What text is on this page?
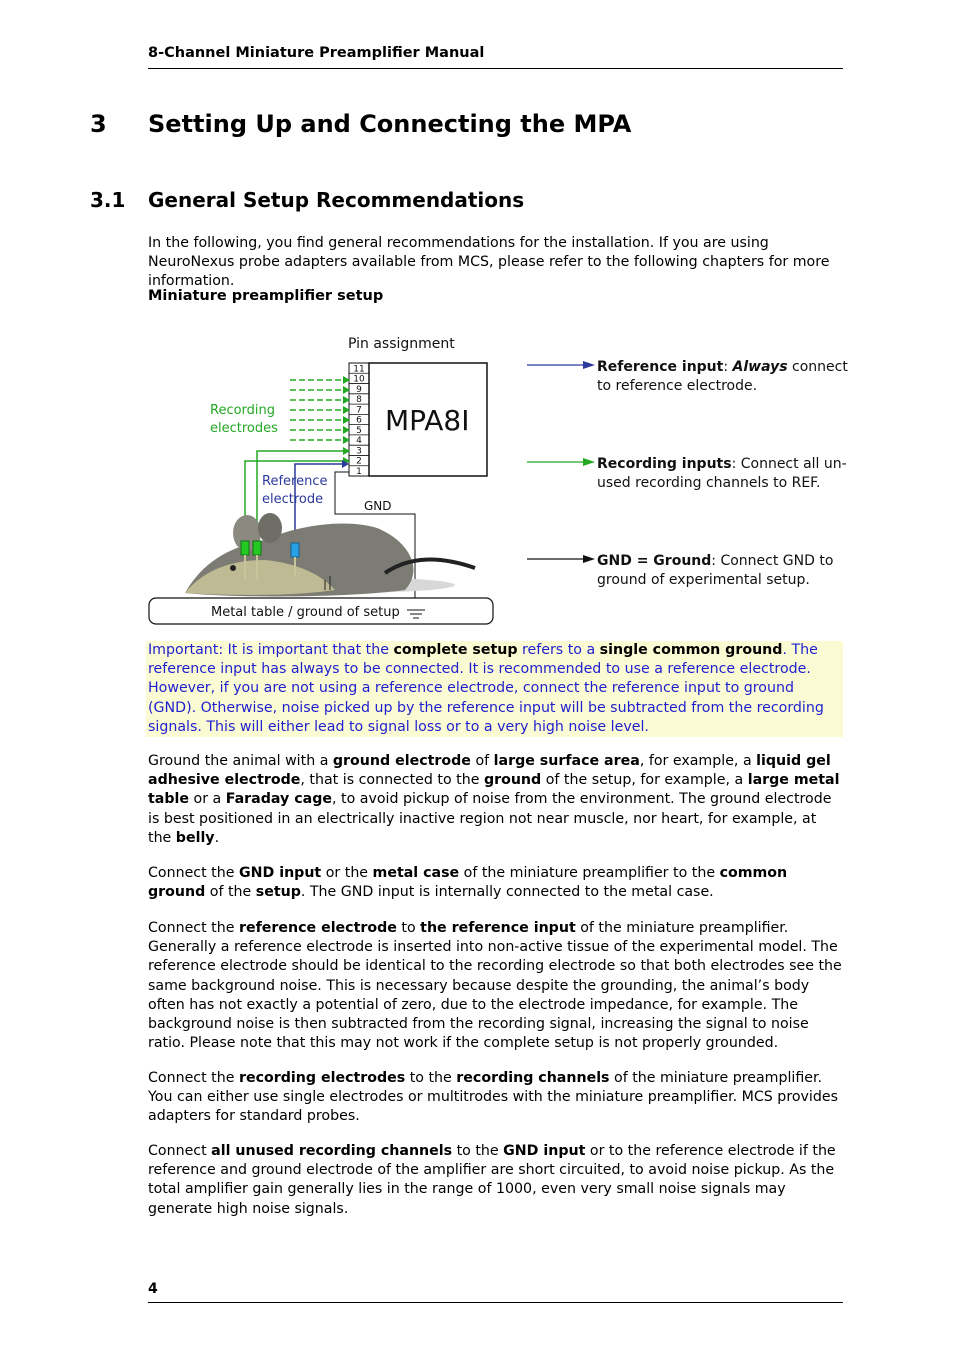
8-Channel Miniature Preamplifier Manual
3 Setting Up and Connecting the MPA
3.1 General Setup Recommendations
In the following, you find general recommendations for the installation. If you are using NeuroNexus probe adapters available from MCS, please refer to the following chapters for more information.
Miniature preamplifier setup
Pin assignment
11
10
9
8
7
6
5
4
3
2
1
MPA8I
Recording
electrodes
Reference
electrode	GND
Metal table / ground of setup
Reference input: Always connect
to reference electrode.
Recording inputs: Connect all un-
used recording channels to REF.
GND = Ground: Connect GND to
ground of experimental setup.
Important: It is important that the complete setup refers to a single common ground. The reference input has always to be connected. It is recommended to use a reference electrode. However, if you are not using a reference electrode, connect the reference input to ground (GND). Otherwise, noise picked up by the reference input will be subtracted from the recording signals. This will either lead to signal loss or to a very high noise level.
Ground the animal with a ground electrode of large surface area, for example, a liquid gel adhesive electrode, that is connected to the ground of the setup, for example, a large metal table or a Faraday cage, to avoid pickup of noise from the environment. The ground electrode is best positioned in an electrically inactive region not near muscle, nor heart, for example, at the belly.
Connect the GND input or the metal case of the miniature preamplifier to the common ground of the setup. The GND input is internally connected to the metal case.
Connect the reference electrode to the reference input of the miniature preamplifier. Generally a reference electrode is inserted into non-active tissue of the experimental model. The reference electrode should be identical to the recording electrode so that both electrodes see the same background noise. This is necessary because despite the grounding, the animal’s body often has not exactly a potential of zero, due to the electrode impedance, for example. The background noise is then subtracted from the recording signal, increasing the signal to noise ratio. Please note that this may not work if the complete setup is not properly grounded.
Connect the recording electrodes to the recording channels of the miniature preamplifier. You can either use single electrodes or multitrodes with the miniature preamplifier. MCS provides adapters for standard probes.
Connect all unused recording channels to the GND input or to the reference electrode if the reference and ground electrode of the amplifier are short circuited, to avoid noise pickup. As the total amplifier gain generally lies in the range of 1000, even very small noise signals may generate high noise signals.
4
